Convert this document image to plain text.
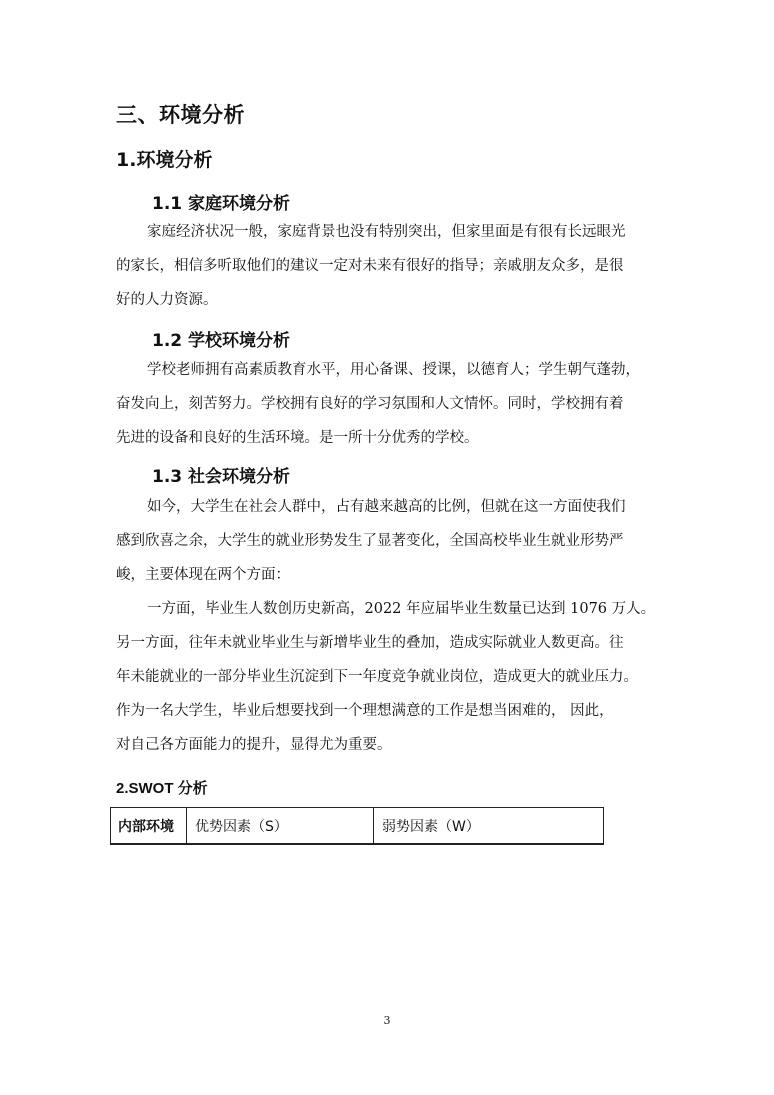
三、环境分析
1.环境分析
1.1 家庭环境分析
家庭经济状况一般，家庭背景也没有特别突出，但家里面是有很有长远眼光
的家长，相信多听取他们的建议一定对未来有很好的指导；亲戚朋友众多，是很
好的人力资源。
1.2 学校环境分析
学校老师拥有高素质教育水平，用心备课、授课，以德育人；学生朝气蓬勃，
奋发向上，刻苦努力。学校拥有良好的学习氛围和人文情怀。同时，学校拥有着
先进的设备和良好的生活环境。是一所十分优秀的学校。
1.3 社会环境分析
如今，大学生在社会人群中，占有越来越高的比例，但就在这一方面使我们
感到欣喜之余，大学生的就业形势发生了显著变化，全国高校毕业生就业形势严
峻，主要体现在两个方面：
一方面，毕业生人数创历史新高，2022 年应届毕业生数量已达到 1076 万人。
另一方面，往年未就业毕业生与新增毕业生的叠加，造成实际就业人数更高。往
年未能就业的一部分毕业生沉淀到下一年度竞争就业岗位，造成更大的就业压力。
作为一名大学生，毕业后想要找到一个理想满意的工作是想当困难的， 因此，
对自己各方面能力的提升，显得尤为重要。
2.SWOT 分析
内部环境	优势因素（S）	弱势因素（W）
3
